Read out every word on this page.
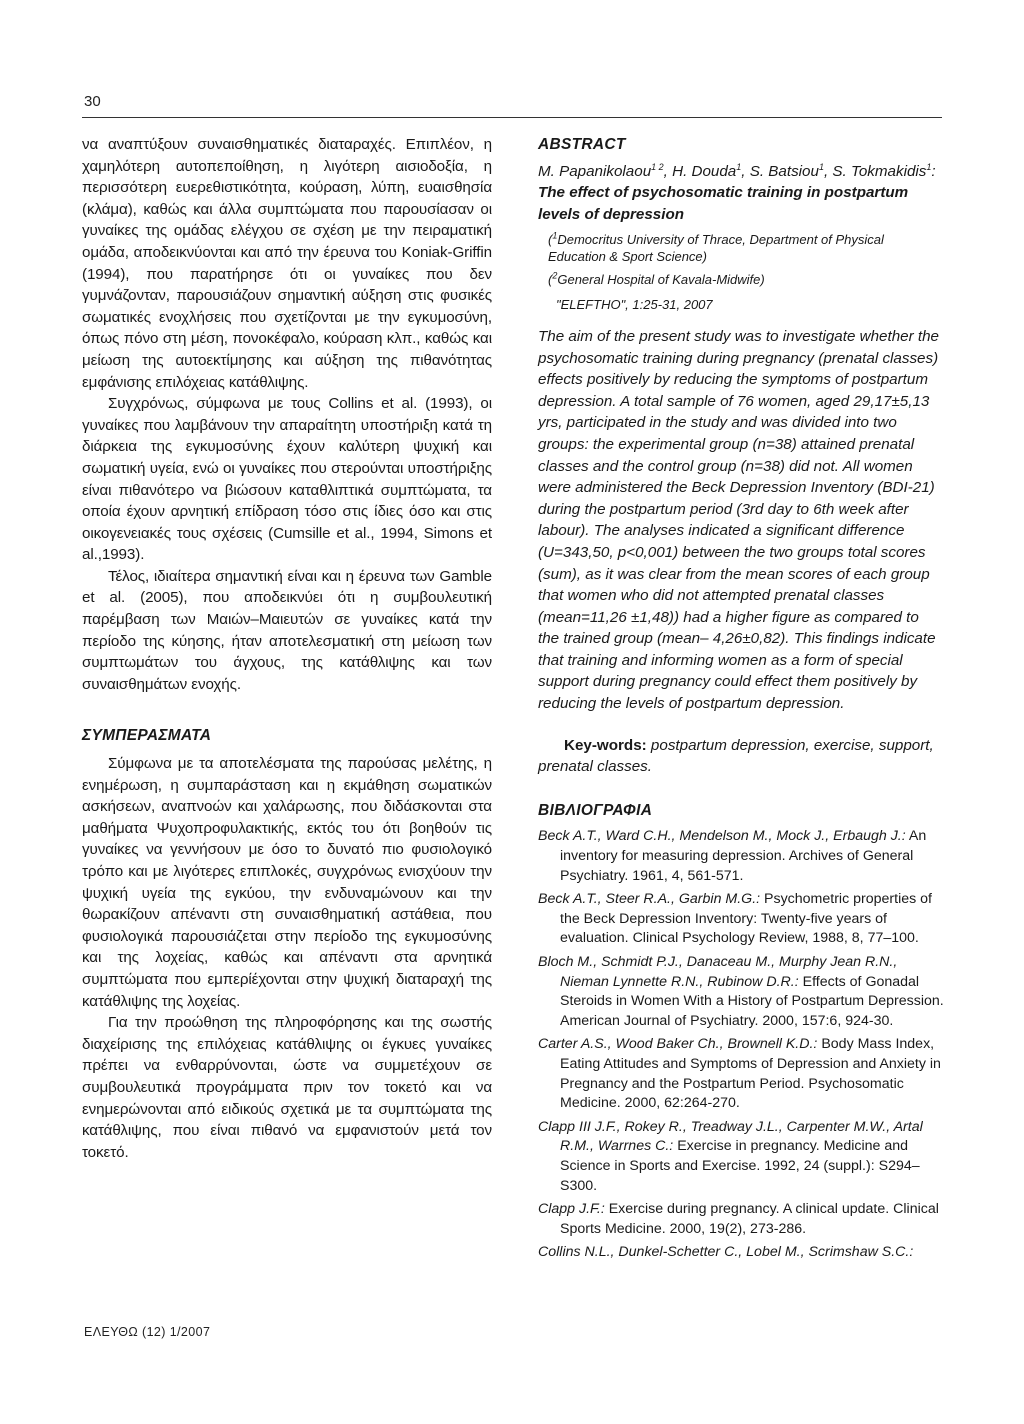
30

να αναπτύξουν συναισθηματικές διαταραχές. Επιπλέον, η χαμηλότερη αυτοπεποίθηση, η λιγότερη αισιοδοξία, η περισσότερη ευερεθιστικότητα, κούραση, λύπη, ευαισθησία (κλάμα), καθώς και άλλα συμπτώματα που παρουσίασαν οι γυναίκες της ομάδας ελέγχου σε σχέση με την πειραματική ομάδα, αποδεικνύονται και από την έρευνα του Koniak-Griffin (1994), που παρατήρησε ότι οι γυναίκες που δεν γυμνάζονταν, παρουσιάζουν σημαντική αύξηση στις φυσικές σωματικές ενοχλήσεις που σχετίζονται με την εγκυμοσύνη, όπως πόνο στη μέση, πονοκέφαλο, κούραση κλπ., καθώς και μείωση της αυτοεκτίμησης και αύξηση της πιθανότητας εμφάνισης επιλόχειας κατάθλιψης.

Συγχρόνως, σύμφωνα με τους Collins et al. (1993), οι γυναίκες που λαμβάνουν την απαραίτητη υποστήριξη κατά τη διάρκεια της εγκυμοσύνης έχουν καλύτερη ψυχική και σωματική υγεία, ενώ οι γυναίκες που στερούνται υποστήριξης είναι πιθανότερο να βιώσουν καταθλιπτικά συμπτώματα, τα οποία έχουν αρνητική επίδραση τόσο στις ίδιες όσο και στις οικογενειακές τους σχέσεις (Cumsille et al., 1994, Simons et al.,1993).

Τέλος, ιδιαίτερα σημαντική είναι και η έρευνα των Gamble et al. (2005), που αποδεικνύει ότι η συμβουλευτική παρέμβαση των Μαιών–Μαιευτών σε γυναίκες κατά την περίοδο της κύησης, ήταν αποτελεσματική στη μείωση των συμπτωμάτων του άγχους, της κατάθλιψης και των συναισθημάτων ενοχής.

ΣΥΜΠΕΡΑΣΜΑΤΑ

Σύμφωνα με τα αποτελέσματα της παρούσας μελέτης, η ενημέρωση, η συμπαράσταση και η εκμάθηση σωματικών ασκήσεων, αναπνοών και χαλάρωσης, που διδάσκονται στα μαθήματα Ψυχοπροφυλακτικής, εκτός του ότι βοηθούν τις γυναίκες να γεννήσουν με όσο το δυνατό πιο φυσιολογικό τρόπο και με λιγότερες επιπλοκές, συγχρόνως ενισχύουν την ψυχική υγεία της εγκύου, την ενδυναμώνουν και την θωρακίζουν απέναντι στη συναισθηματική αστάθεια, που φυσιολογικά παρουσιάζεται στην περίοδο της εγκυμοσύνης και της λοχείας, καθώς και απέναντι στα αρνητικά συμπτώματα που εμπερίέχονται στην ψυχική διαταραχή της κατάθλιψης της λοχείας.

Για την προώθηση της πληροφόρησης και της σωστής διαχείρισης της επιλόχειας κατάθλιψης οι έγκυες γυναίκες πρέπει να ενθαρρύνονται, ώστε να συμμετέχουν σε συμβουλευτικά προγράμματα πριν τον τοκετό και να ενημερώνονται από ειδικούς σχετικά με τα συμπτώματα της κατάθλιψης, που είναι πιθανό να εμφανιστούν μετά τον τοκετό.

ABSTRACT

M. Papanikolaou$^{1 2}$, H. Douda$^1$, S. Batsiou$^1$, S. Tokmakidis$^1$: The effect of psychosomatic training in postpartum levels of depression

($^1$Democritus University of Thrace, Department of Physical Education & Sport Science)

($^2$General Hospital of Kavala-Midwife)

"ELEFTHO", 1:25-31, 2007

The aim of the present study was to investigate whether the psychosomatic training during pregnancy (prenatal classes) effects positively by reducing the symptoms of postpartum depression. A total sample of 76 women, aged 29,17±5,13 yrs, participated in the study and was divided into two groups: the experimental group (n=38) attained prenatal classes and the control group (n=38) did not. All women were administered the Beck Depression Inventory (BDI-21) during the postpartum period (3rd day to 6th week after labour). The analyses indicated a significant difference (U=343,50, p<0,001) between the two groups total scores (sum), as it was clear from the mean scores of each group that women who did not attempted prenatal classes (mean=11,26 ±1,48)) had a higher figure as compared to the trained group (mean– 4,26±0,82). This findings indicate that training and informing women as a form of special support during pregnancy could effect them positively by reducing the levels of postpartum depression.

Key-words: postpartum depression, exercise, support, prenatal classes.

ΒΙΒΛΙΟΓΡΑΦΙΑ

Beck A.T., Ward C.H., Mendelson M., Mock J., Erbaugh J.: An inventory for measuring depression. Archives of General Psychiatry. 1961, 4, 561-571.
Beck A.T., Steer R.A., Garbin M.G.: Psychometric properties of the Beck Depression Inventory: Twenty-five years of evaluation. Clinical Psychology Review, 1988, 8, 77–100.
Bloch M., Schmidt P.J., Danaceau M., Murphy Jean R.N., Nieman Lynnette R.N., Rubinow D.R.: Effects of Gonadal Steroids in Women With a History of Postpartum Depression. American Journal of Psychiatry. 2000, 157:6, 924-30.
Carter A.S., Wood Baker Ch., Brownell K.D.: Body Mass Index, Eating Attitudes and Symptoms of Depression and Anxiety in Pregnancy and the Postpartum Period. Psychosomatic Medicine. 2000, 62:264-270.
Clapp III J.F., Rokey R., Treadway J.L., Carpenter M.W., Artal R.M., Warrnes C.: Exercise in pregnancy. Medicine and Science in Sports and Exercise. 1992, 24 (suppl.): S294–S300.
Clapp J.F.: Exercise during pregnancy. A clinical update. Clinical Sports Medicine. 2000, 19(2), 273-286.
Collins N.L., Dunkel-Schetter C., Lobel M., Scrimshaw S.C.:
ΕΛΕΥΘΩ (12) 1/2007
